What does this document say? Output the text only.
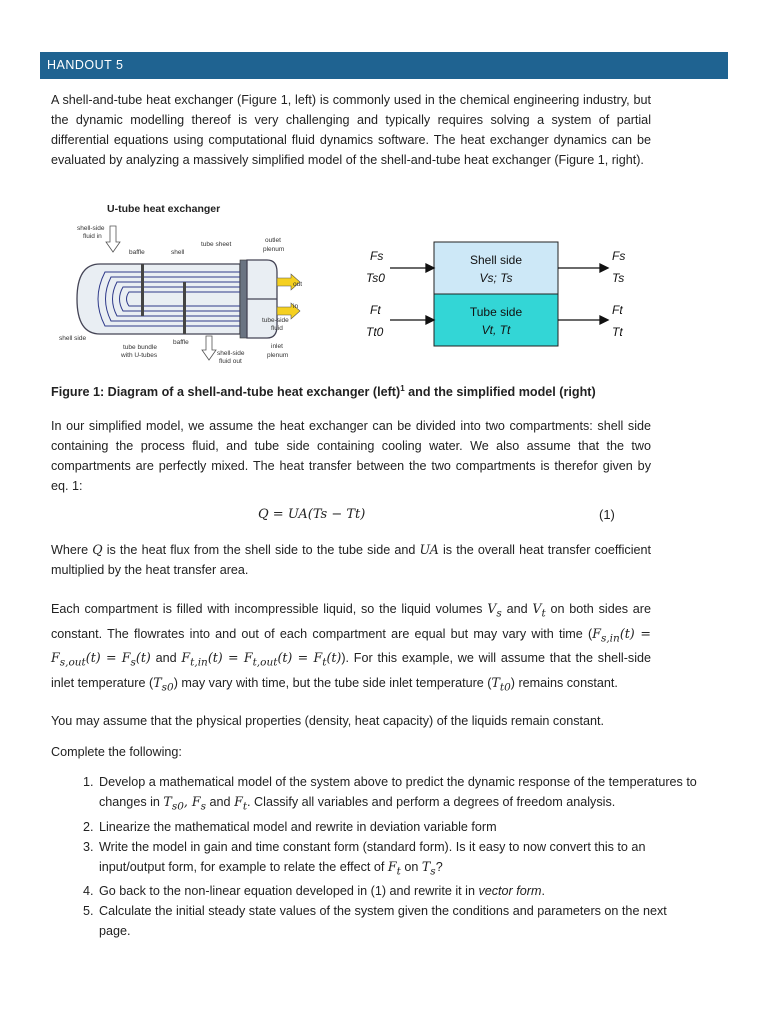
HANDOUT 5
A shell-and-tube heat exchanger (Figure 1, left) is commonly used in the chemical engineering industry, but the dynamic modelling thereof is very challenging and typically requires solving a system of partial differential equations using computational fluid dynamics software. The heat exchanger dynamics can be evaluated by analyzing a massively simplified model of the shell-and-tube heat exchanger (Figure 1, right).
U-tube heat exchanger
shell-side
fluid in
baffle	shell
tube sheet
outlet
plenum
out
in
tube-side
fluid
shell side
baffle
tube bundle
with U-tubes	shell-side
fluid out
inlet
plenum
Shell side
Vs; Ts
Tube side
Vt, Tt
Fs
Ts0
Fs
Ts
Ft
Tt0
Ft
Tt
Figure 1: Diagram of a shell-and-tube heat exchanger (left)$^1$ and the simplified model (right)
In our simplified model, we assume the heat exchanger can be divided into two compartments: shell side containing the process fluid, and tube side containing cooling water. We also assume that the two compartments are perfectly mixed. The heat transfer between the two compartments is therefor given by eq. 1:
Q = UA(Ts − Tt)	(1)
Where Q is the heat flux from the shell side to the tube side and UA is the overall heat transfer coefficient multiplied by the heat transfer area.
Each compartment is filled with incompressible liquid, so the liquid volumes $V_s$ and $V_t$ on both sides are constant. The flowrates into and out of each compartment are equal but may vary with time ($F_{s,in}(t) = F_{s,out}(t) = F_s(t)$ and $F_{t,in}(t) = F_{t,out}(t) = F_t(t)$). For this example, we will assume that the shell-side inlet temperature $(T_{s0})$ may vary with time, but the tube side inlet temperature $(T_{t0})$ remains constant.
You may assume that the physical properties (density, heat capacity) of the liquids remain constant.
Complete the following:
1. Develop a mathematical model of the system above to predict the dynamic response of the temperatures to changes in $T_{s0}$, $F_s$ and $F_t$. Classify all variables and perform a degrees of freedom analysis.
2. Linearize the mathematical model and rewrite in deviation variable form
3. Write the model in gain and time constant form (standard form). Is it easy to now convert this to an input/output form, for example to relate the effect of $F_t$ on $T_s$?
4. Go back to the non-linear equation developed in (1) and rewrite it in vector form.
5. Calculate the initial steady state values of the system given the conditions and parameters on the next page.
